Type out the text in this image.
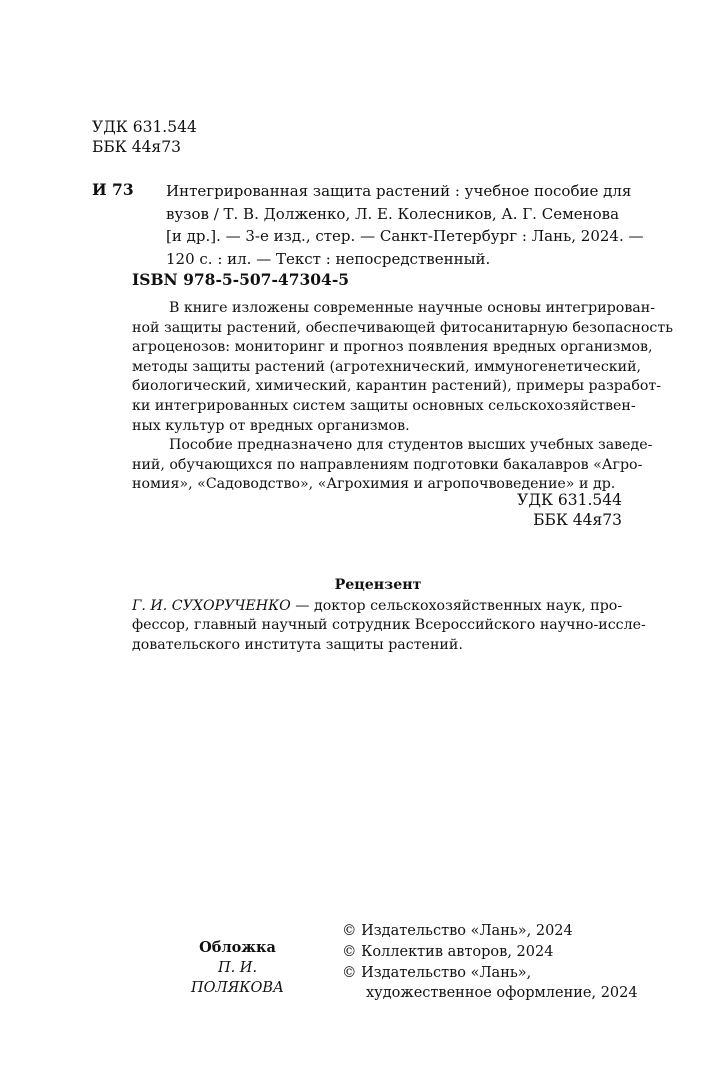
УДК 631.544
ББК 44я73
И 73 Интегрированная защита растений : учебное пособие для
вузов / Т. В. Долженко, Л. Е. Колесников, А. Г. Семенова
[и др.]. — 3-е изд., стер. — Санкт-Петербург : Лань, 2024. —
120 с. : ил. — Текст : непосредственный.
ISBN 978-5-507-47304-5
В книге изложены современные научные основы интегрирован-
ной защиты растений, обеспечивающей фитосанитарную безопасность
агроценозов: мониторинг и прогноз появления вредных организмов,
методы защиты растений (агротехнический, иммуногенетический,
биологический, химический, карантин растений), примеры разработ-
ки интегрированных систем защиты основных сельскохозяйствен-
ных культур от вредных организмов.
Пособие предназначено для студентов высших учебных заведе-
ний, обучающихся по направлениям подготовки бакалавров «Агро-
номия», «Садоводство», «Агрохимия и агропочвоведение» и др.
УДК 631.544
ББК 44я73
Рецензент
Г. И. СУХОРУЧЕНКО — доктор сельскохозяйственных наук, про-
фессор, главный научный сотрудник Всероссийского научно-иссле-
довательского института защиты растений.
Обложка
П. И. ПОЛЯКОВА
© Издательство «Лань», 2024
© Коллектив авторов, 2024
© Издательство «Лань»,
художественное оформление, 2024
